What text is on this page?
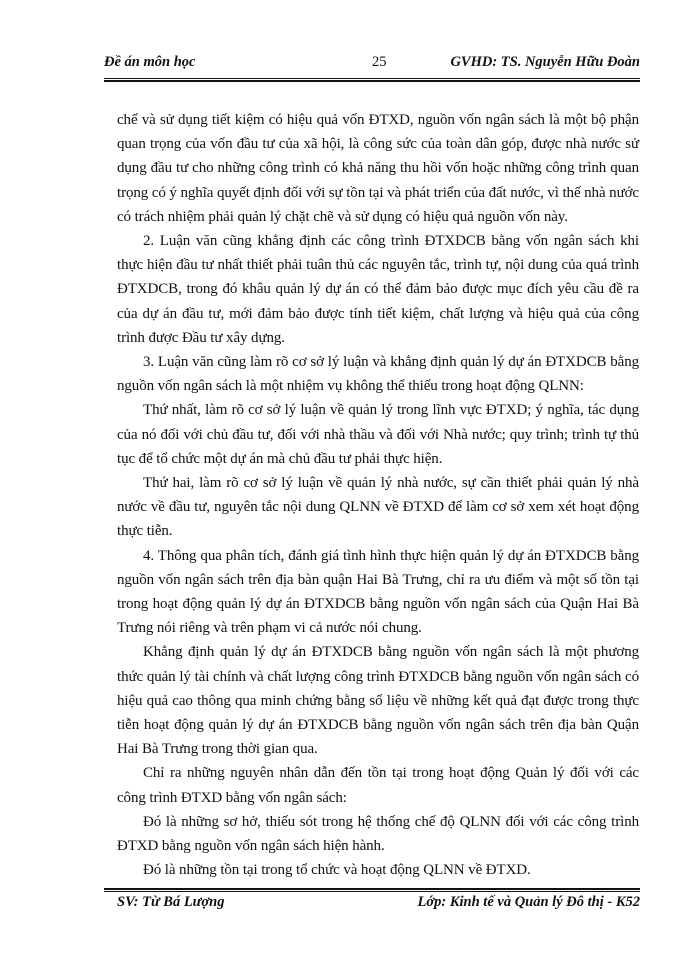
Đề án môn học	25	GVHD: TS. Nguyễn Hữu Đoàn

chế và sử dụng tiết kiệm có hiệu quả vốn ĐTXD, nguồn vốn ngân sách là một bộ phận quan trọng của vốn đầu tư của xã hội, là công sức của toàn dân góp, được nhà nước sử dụng đầu tư cho những công trình có khả năng thu hồi vốn hoặc những công trình quan trọng có ý nghĩa quyết định đối với sự tồn tại và phát triển của đất nước, vì thế nhà nước có trách nhiệm phải quản lý chặt chẽ và sử dụng có hiệu quả nguồn vốn này.

2. Luận văn cũng khẳng định các công trình ĐTXDCB bằng vốn ngân sách khi thực hiện đầu tư nhất thiết phải tuân thủ các nguyên tắc, trình tự, nội dung của quá trình ĐTXDCB, trong đó khâu quản lý dự án có thể đảm bảo được mục đích yêu cầu đề ra của dự án đầu tư, mới đảm bảo được tính tiết kiệm, chất lượng và hiệu quả của công trình được Đầu tư xây dựng.

3. Luận văn cũng làm rõ cơ sở lý luận và khẳng định quản lý dự án ĐTXDCB bằng nguồn vốn ngân sách là một nhiệm vụ không thể thiếu trong hoạt động QLNN:

Thứ nhất, làm rõ cơ sở lý luận về quản lý trong lĩnh vực ĐTXD; ý nghĩa, tác dụng của nó đối với chủ đầu tư, đối với nhà thầu và đối với Nhà nước; quy trình; trình tự thủ tục để tổ chức một dự án mà chủ đầu tư phải thực hiện.

Thứ hai, làm rõ cơ sở lý luận về quản lý nhà nước, sự cần thiết phải quản lý nhà nước về đầu tư, nguyên tắc nội dung QLNN về ĐTXD để làm cơ sở xem xét hoạt động thực tiễn.

4. Thông qua phân tích, đánh giá tình hình thực hiện quản lý dự án ĐTXDCB bằng nguồn vốn ngân sách trên địa bàn quận Hai Bà Trưng, chỉ ra ưu điểm và một số tồn tại trong hoạt động quản lý dự án ĐTXDCB bằng nguồn vốn ngân sách của Quận Hai Bà Trưng nói riêng và trên phạm vi cả nước nói chung.

Khẳng định quản lý dự án ĐTXDCB bằng nguồn vốn ngân sách là một phương thức quản lý tài chính và chất lượng công trình ĐTXDCB bằng nguồn vốn ngân sách có hiệu quả cao thông qua minh chứng bằng số liệu về những kết quả đạt được trong thực tiễn hoạt động quản lý dự án ĐTXDCB bằng nguồn vốn ngân sách trên địa bàn Quận Hai Bà Trưng trong thời gian qua.

Chỉ ra những nguyên nhân dẫn đến tồn tại trong hoạt động Quản lý đối với các công trình ĐTXD bằng vốn ngân sách:

Đó là những sơ hở, thiếu sót trong hệ thống chế độ QLNN đối với các công trình ĐTXD bằng nguồn vốn ngân sách hiện hành.

Đó là những tồn tại trong tổ chức và hoạt động QLNN về ĐTXD.

SV: Từ Bá Lượng	Lớp: Kinh tế và Quản lý Đô thị - K52
